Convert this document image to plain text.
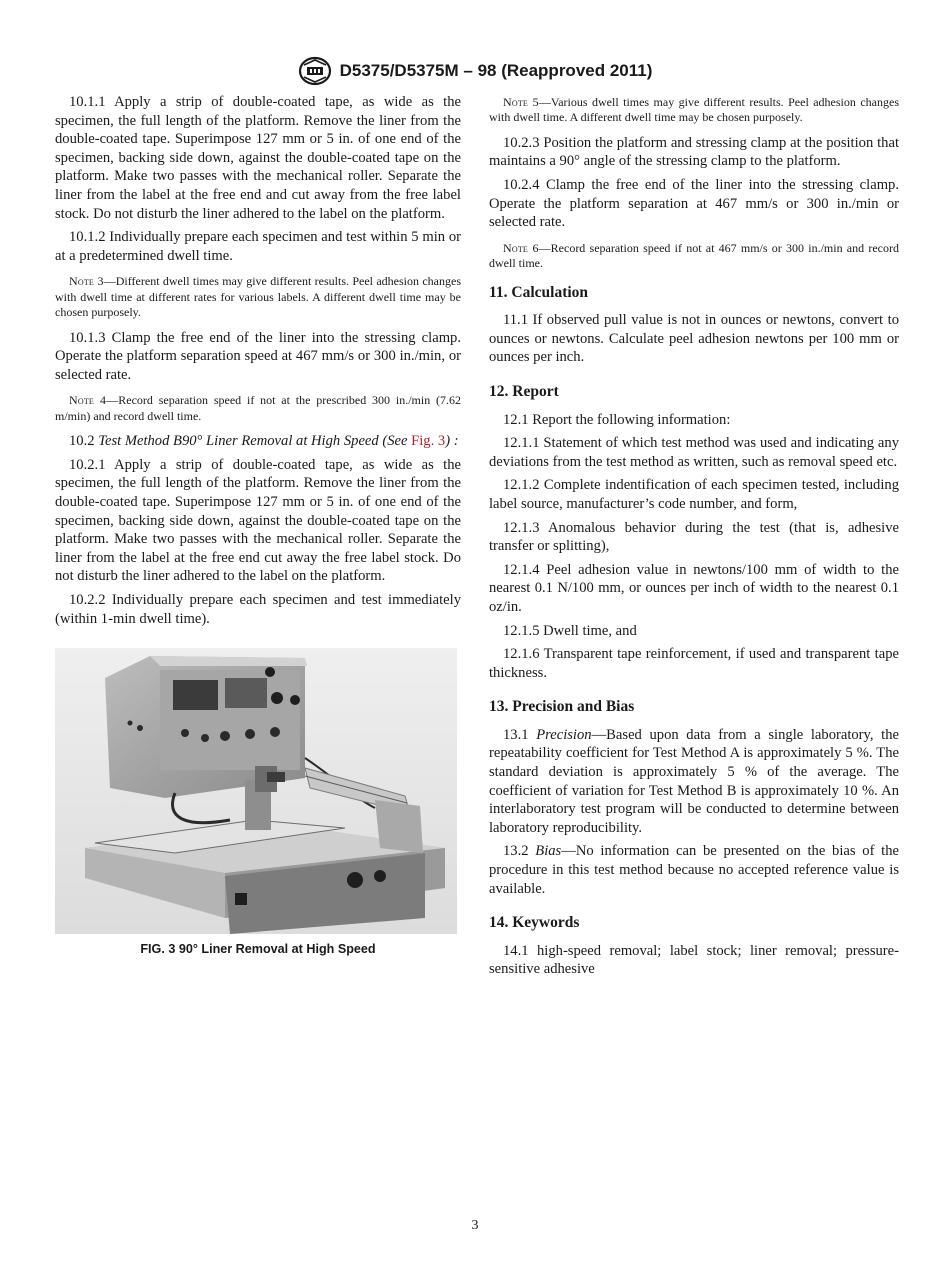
D5375/D5375M – 98 (Reapproved 2011)

10.1.1 Apply a strip of double-coated tape, as wide as the specimen, the full length of the platform. Remove the liner from the double-coated tape. Superimpose 127 mm or 5 in. of one end of the specimen, backing side down, against the double-coated tape on the platform. Make two passes with the mechanical roller. Separate the liner from the label at the free end and cut away from the free label stock. Do not disturb the liner adhered to the label on the platform.

10.1.2 Individually prepare each specimen and test within 5 min or at a predetermined dwell time.

Note 3—Different dwell times may give different results. Peel adhesion changes with dwell time at different rates for various labels. A different dwell time may be chosen purposely.

10.1.3 Clamp the free end of the liner into the stressing clamp. Operate the platform separation speed at 467 mm/s or 300 in./min, or selected rate.

Note 4—Record separation speed if not at the prescribed 300 in./min (7.62 m/min) and record dwell time.

10.2 Test Method B90° Liner Removal at High Speed (See Fig. 3) :

10.2.1 Apply a strip of double-coated tape, as wide as the specimen, the full length of the platform. Remove the liner from the double-coated tape. Superimpose 127 mm or 5 in. of one end of the specimen, backing side down, against the double-coated tape on the platform. Make two passes with the mechanical roller. Separate the liner from the label at the free end cut away the free label stock. Do not disturb the liner adhered to the label on the platform.

10.2.2 Individually prepare each specimen and test immediately (within 1-min dwell time).

FIG. 3 90° Liner Removal at High Speed

Note 5—Various dwell times may give different results. Peel adhesion changes with dwell time. A different dwell time may be chosen purposely.

10.2.3 Position the platform and stressing clamp at the position that maintains a 90° angle of the stressing clamp to the platform.

10.2.4 Clamp the free end of the liner into the stressing clamp. Operate the platform separation at 467 mm/s or 300 in./min or selected rate.

Note 6—Record separation speed if not at 467 mm/s or 300 in./min and record dwell time.

11. Calculation

11.1 If observed pull value is not in ounces or newtons, convert to ounces or newtons. Calculate peel adhesion newtons per 100 mm or ounces per inch.

12. Report

12.1 Report the following information:

12.1.1 Statement of which test method was used and indicating any deviations from the test method as written, such as removal speed etc.

12.1.2 Complete indentification of each specimen tested, including label source, manufacturer’s code number, and form,

12.1.3 Anomalous behavior during the test (that is, adhesive transfer or splitting),

12.1.4 Peel adhesion value in newtons/100 mm of width to the nearest 0.1 N/100 mm, or ounces per inch of width to the nearest 0.1 oz/in.

12.1.5 Dwell time, and

12.1.6 Transparent tape reinforcement, if used and transparent tape thickness.

13. Precision and Bias

13.1 Precision—Based upon data from a single laboratory, the repeatability coefficient for Test Method A is approximately 5 %. The standard deviation is approximately 5 % of the average. The coefficient of variation for Test Method B is approximately 10 %. An interlaboratory test program will be conducted to determine between laboratory reproducibility.

13.2 Bias—No information can be presented on the bias of the procedure in this test method because no accepted reference value is available.

14. Keywords

14.1 high-speed removal; label stock; liner removal; pressure-sensitive adhesive

3
